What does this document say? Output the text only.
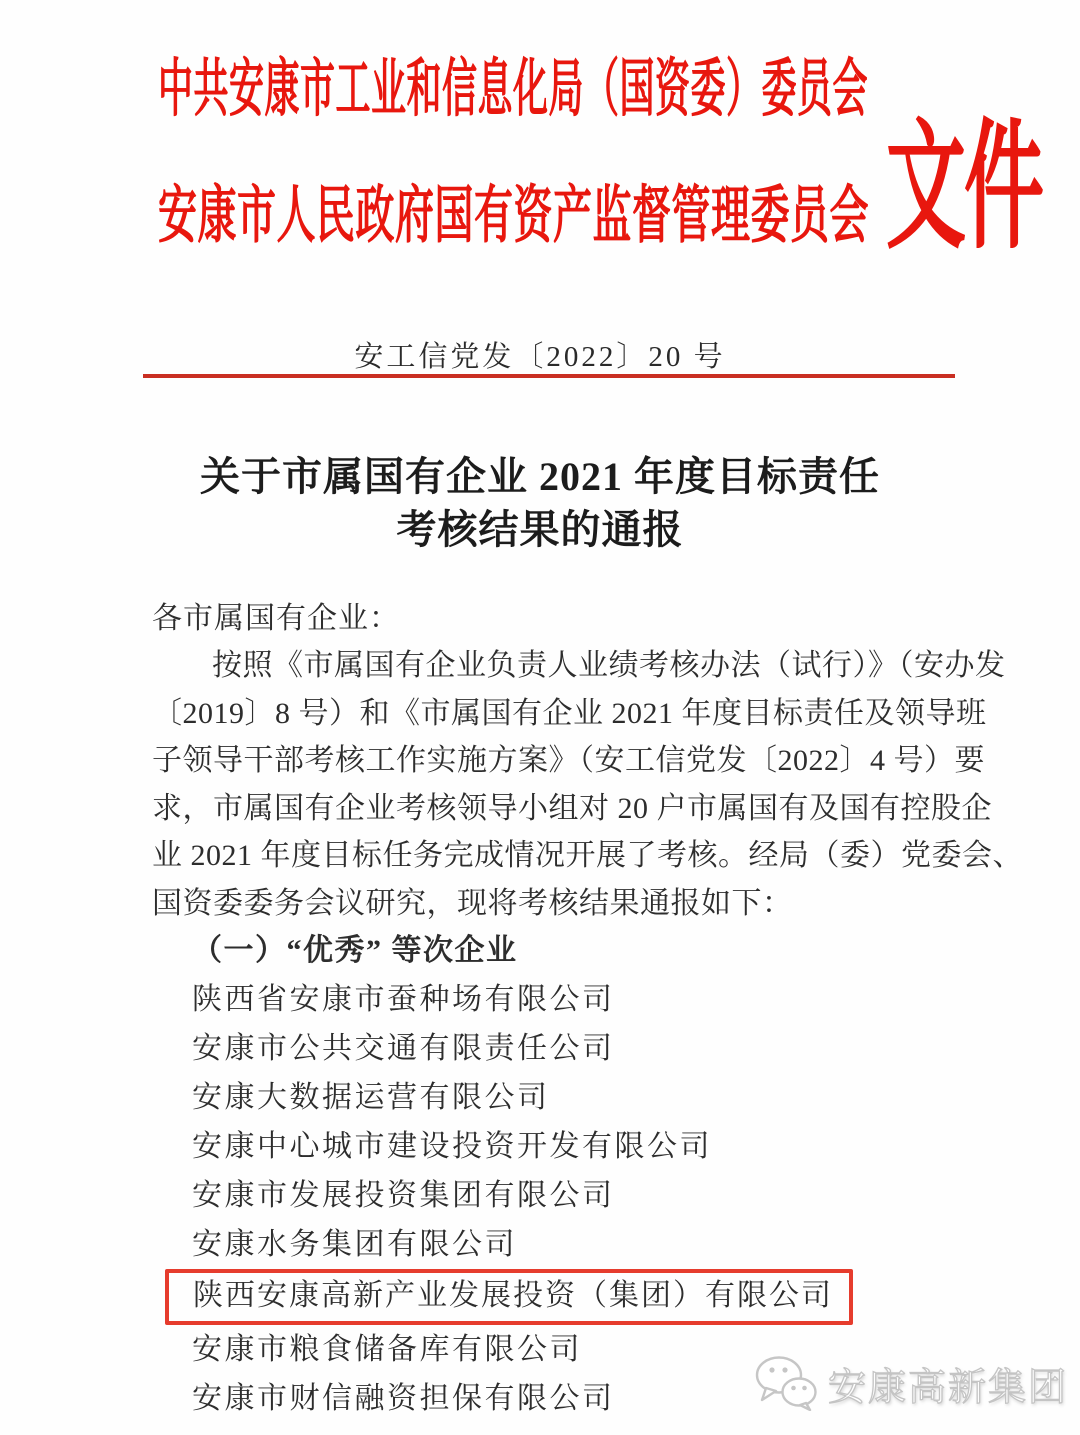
中共安康市工业和信息化局（国资委）委员会
安康市人民政府国有资产监督管理委员会 文件
安工信党发〔2022〕20 号
关于市属国有企业 2021 年度目标责任
考核结果的通报
各市属国有企业：
按照《市属国有企业负责人业绩考核办法（试行）》（安办发
〔2019〕8 号）和《市属国有企业 2021 年度目标责任及领导班
子领导干部考核工作实施方案》（安工信党发〔2022〕4 号）要
求，市属国有企业考核领导小组对 20 户市属国有及国有控股企
业 2021 年度目标任务完成情况开展了考核。经局（委）党委会、
国资委委务会议研究，现将考核结果通报如下：
（一）“优秀” 等次企业
陕西省安康市蚕种场有限公司
安康市公共交通有限责任公司
安康大数据运营有限公司
安康中心城市建设投资开发有限公司
安康市发展投资集团有限公司
安康水务集团有限公司
陕西安康高新产业发展投资（集团）有限公司
安康市粮食储备库有限公司
安康市财信融资担保有限公司	安康高新集团
